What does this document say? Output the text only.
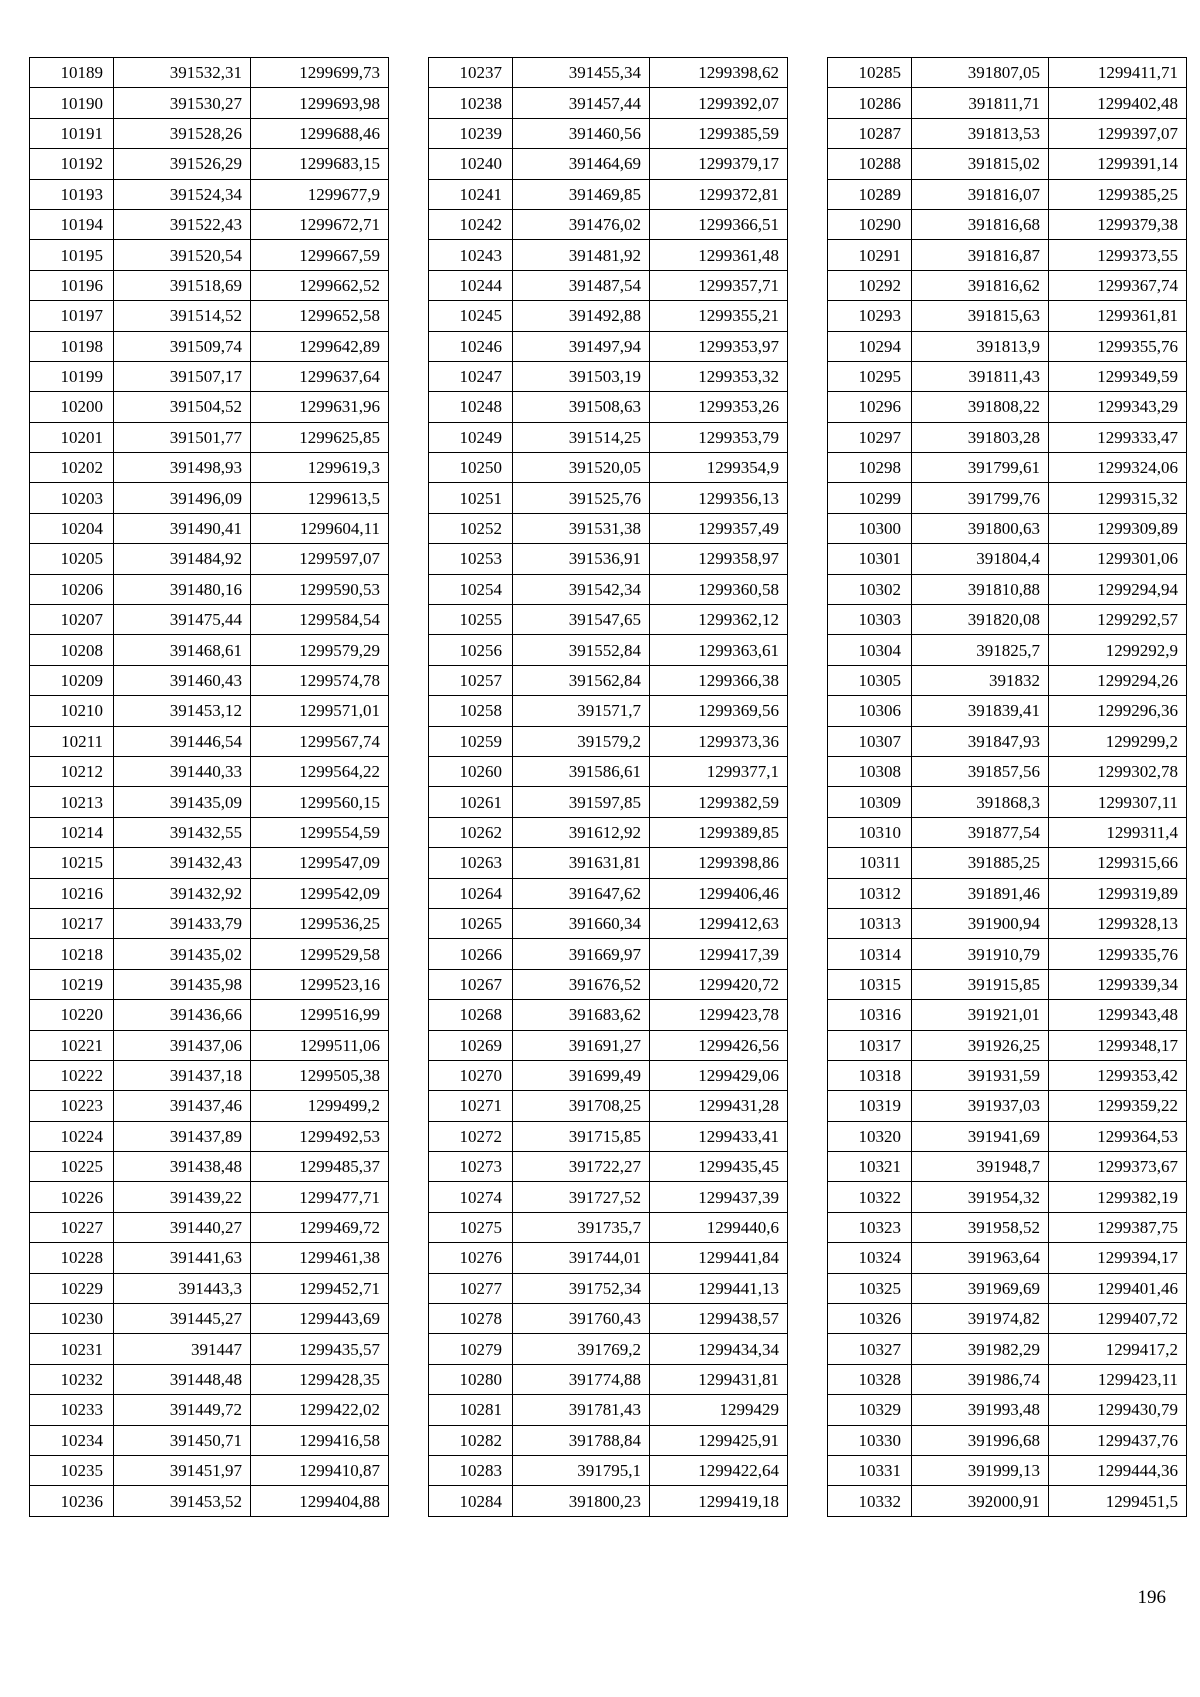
10189	391532,31	1299699,73
10190	391530,27	1299693,98
10191	391528,26	1299688,46
10192	391526,29	1299683,15
10193	391524,34	1299677,9
10194	391522,43	1299672,71
10195	391520,54	1299667,59
10196	391518,69	1299662,52
10197	391514,52	1299652,58
10198	391509,74	1299642,89
10199	391507,17	1299637,64
10200	391504,52	1299631,96
10201	391501,77	1299625,85
10202	391498,93	1299619,3
10203	391496,09	1299613,5
10204	391490,41	1299604,11
10205	391484,92	1299597,07
10206	391480,16	1299590,53
10207	391475,44	1299584,54
10208	391468,61	1299579,29
10209	391460,43	1299574,78
10210	391453,12	1299571,01
10211	391446,54	1299567,74
10212	391440,33	1299564,22
10213	391435,09	1299560,15
10214	391432,55	1299554,59
10215	391432,43	1299547,09
10216	391432,92	1299542,09
10217	391433,79	1299536,25
10218	391435,02	1299529,58
10219	391435,98	1299523,16
10220	391436,66	1299516,99
10221	391437,06	1299511,06
10222	391437,18	1299505,38
10223	391437,46	1299499,2
10224	391437,89	1299492,53
10225	391438,48	1299485,37
10226	391439,22	1299477,71
10227	391440,27	1299469,72
10228	391441,63	1299461,38
10229	391443,3	1299452,71
10230	391445,27	1299443,69
10231	391447	1299435,57
10232	391448,48	1299428,35
10233	391449,72	1299422,02
10234	391450,71	1299416,58
10235	391451,97	1299410,87
10236	391453,52	1299404,88
10237	391455,34	1299398,62
10238	391457,44	1299392,07
10239	391460,56	1299385,59
10240	391464,69	1299379,17
10241	391469,85	1299372,81
10242	391476,02	1299366,51
10243	391481,92	1299361,48
10244	391487,54	1299357,71
10245	391492,88	1299355,21
10246	391497,94	1299353,97
10247	391503,19	1299353,32
10248	391508,63	1299353,26
10249	391514,25	1299353,79
10250	391520,05	1299354,9
10251	391525,76	1299356,13
10252	391531,38	1299357,49
10253	391536,91	1299358,97
10254	391542,34	1299360,58
10255	391547,65	1299362,12
10256	391552,84	1299363,61
10257	391562,84	1299366,38
10258	391571,7	1299369,56
10259	391579,2	1299373,36
10260	391586,61	1299377,1
10261	391597,85	1299382,59
10262	391612,92	1299389,85
10263	391631,81	1299398,86
10264	391647,62	1299406,46
10265	391660,34	1299412,63
10266	391669,97	1299417,39
10267	391676,52	1299420,72
10268	391683,62	1299423,78
10269	391691,27	1299426,56
10270	391699,49	1299429,06
10271	391708,25	1299431,28
10272	391715,85	1299433,41
10273	391722,27	1299435,45
10274	391727,52	1299437,39
10275	391735,7	1299440,6
10276	391744,01	1299441,84
10277	391752,34	1299441,13
10278	391760,43	1299438,57
10279	391769,2	1299434,34
10280	391774,88	1299431,81
10281	391781,43	1299429
10282	391788,84	1299425,91
10283	391795,1	1299422,64
10284	391800,23	1299419,18
10285	391807,05	1299411,71
10286	391811,71	1299402,48
10287	391813,53	1299397,07
10288	391815,02	1299391,14
10289	391816,07	1299385,25
10290	391816,68	1299379,38
10291	391816,87	1299373,55
10292	391816,62	1299367,74
10293	391815,63	1299361,81
10294	391813,9	1299355,76
10295	391811,43	1299349,59
10296	391808,22	1299343,29
10297	391803,28	1299333,47
10298	391799,61	1299324,06
10299	391799,76	1299315,32
10300	391800,63	1299309,89
10301	391804,4	1299301,06
10302	391810,88	1299294,94
10303	391820,08	1299292,57
10304	391825,7	1299292,9
10305	391832	1299294,26
10306	391839,41	1299296,36
10307	391847,93	1299299,2
10308	391857,56	1299302,78
10309	391868,3	1299307,11
10310	391877,54	1299311,4
10311	391885,25	1299315,66
10312	391891,46	1299319,89
10313	391900,94	1299328,13
10314	391910,79	1299335,76
10315	391915,85	1299339,34
10316	391921,01	1299343,48
10317	391926,25	1299348,17
10318	391931,59	1299353,42
10319	391937,03	1299359,22
10320	391941,69	1299364,53
10321	391948,7	1299373,67
10322	391954,32	1299382,19
10323	391958,52	1299387,75
10324	391963,64	1299394,17
10325	391969,69	1299401,46
10326	391974,82	1299407,72
10327	391982,29	1299417,2
10328	391986,74	1299423,11
10329	391993,48	1299430,79
10330	391996,68	1299437,76
10331	391999,13	1299444,36
10332	392000,91	1299451,5
196
